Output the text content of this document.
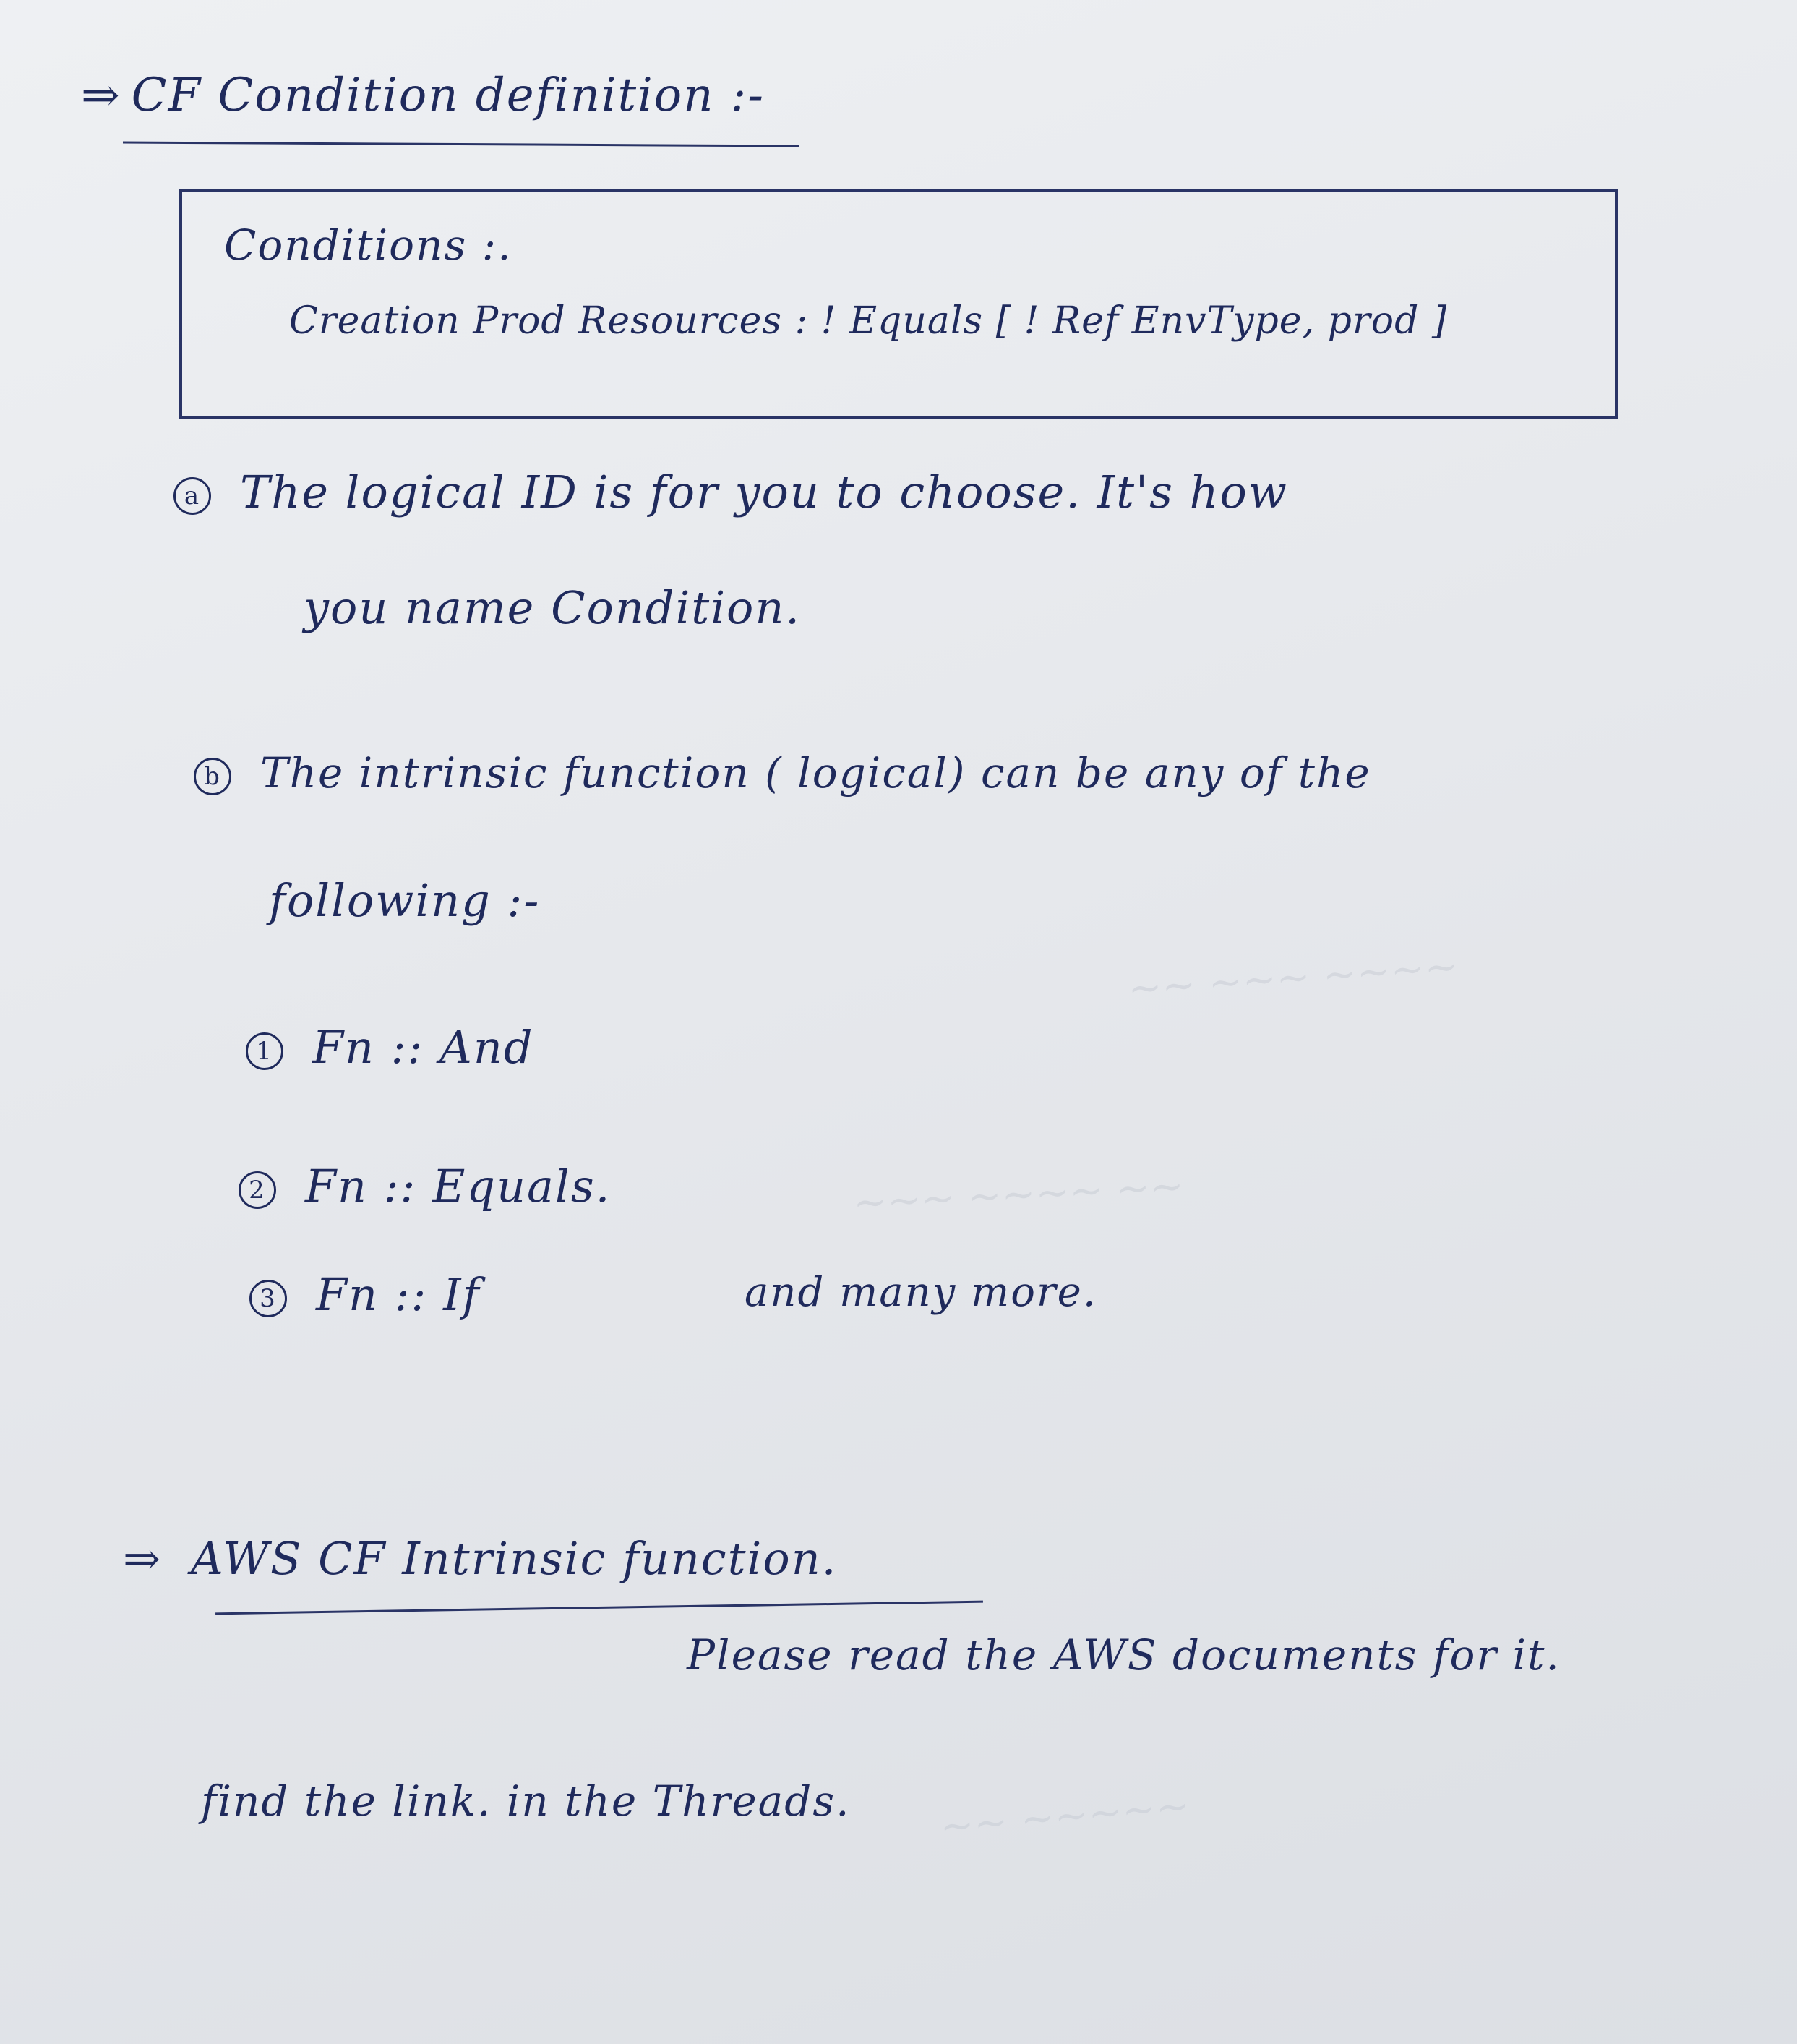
~~ ~~~ ~~~~
~~~ ~~~~ ~~
~~ ~~~~~
⇒ CF Condition definition :-
Conditions :.
Creation Prod Resources : ! Equals [ ! Ref EnvType, prod ]
a The logical ID is for you to choose. It's how
you name Condition.
b The intrinsic function ( logical) can be any of the
following :-
1 Fn :: And
2 Fn :: Equals.
3 Fn :: If	and many more.
⇒ AWS CF Intrinsic function.
Please read the AWS documents for it.
find the link. in the Threads.
